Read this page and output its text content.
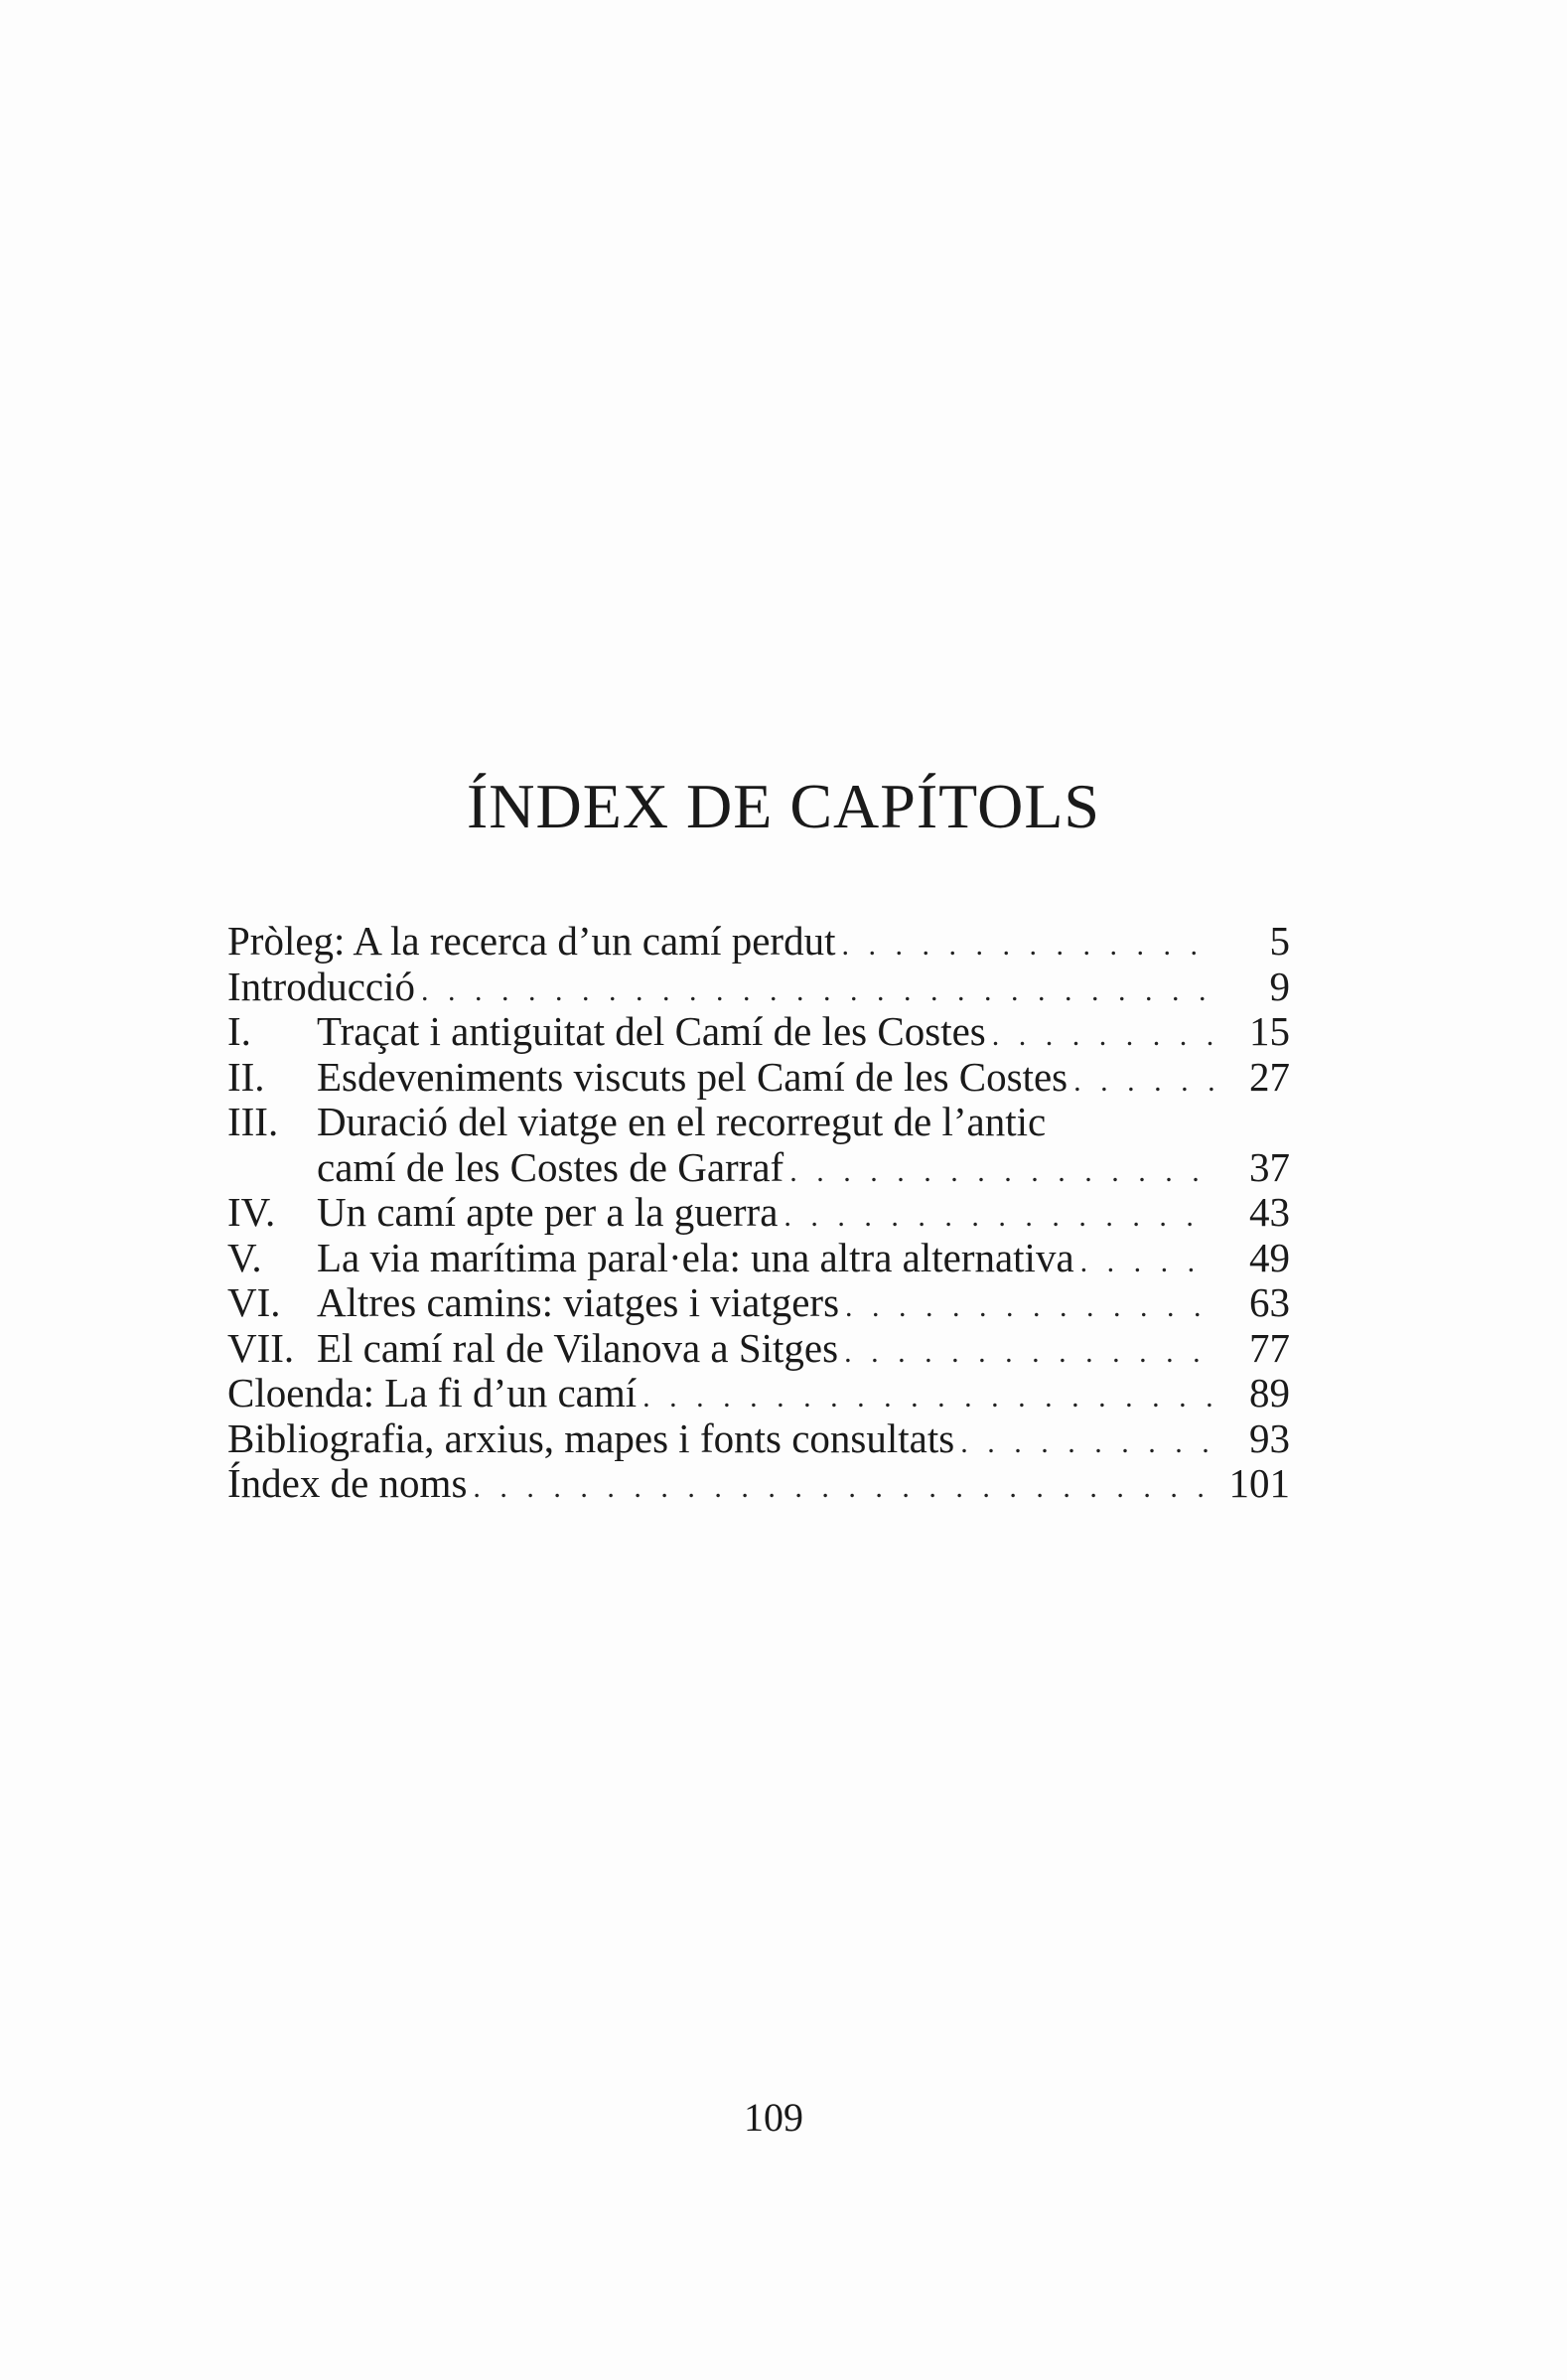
ÍNDEX DE CAPÍTOLS
Pròleg: A la recerca d’un camí perdut . . .	5
Introducció . . .	9
I.	Traçat i antiguitat del Camí de les Costes . . .	15
II.	Esdeveniments viscuts pel Camí de les Costes . . .	27
III. Duració del viatge en el recorregut de l’antic
camí de les Costes de Garraf . . .	37
IV.	Un camí apte per a la guerra . . .	43
V.	La via marítima paral·ela: una altra alternativa . . .	49
VI. Altres camins: viatges i viatgers . . .	63
VII. El camí ral de Vilanova a Sitges . . .	77
Cloenda: La fi d’un camí . . .	89
Bibliografia, arxius, mapes i fonts consultats . . .	93
Índex de noms . . .	101
109
